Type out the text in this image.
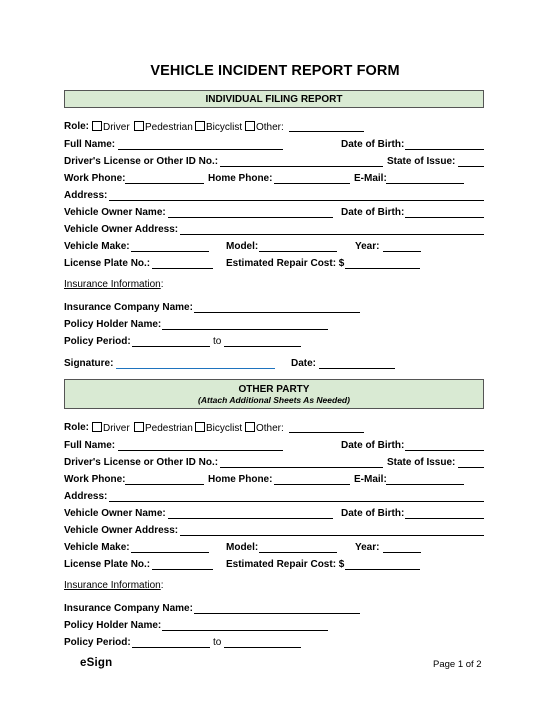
VEHICLE INCIDENT REPORT FORM
INDIVIDUAL FILING REPORT
Role:	Driver	Pedestrian	Bicyclist	Other:
Full Name:	Date of Birth:
Driver's License or Other ID No.:	State of Issue:
Work Phone:	Home Phone:	E-Mail:
Address:
Vehicle Owner Name:	Date of Birth:
Vehicle Owner Address:
Vehicle Make:	Model:	Year:
License Plate No.:	Estimated Repair Cost: $
Insurance Information:
Insurance Company Name:
Policy Holder Name:
Policy Period:	to
Signature:	Date:
OTHER PARTY
(Attach Additional Sheets As Needed)
Role:	Driver	Pedestrian	Bicyclist	Other:
Full Name:	Date of Birth:
Driver's License or Other ID No.:	State of Issue:
Work Phone:	Home Phone:	E-Mail:
Address:
Vehicle Owner Name:	Date of Birth:
Vehicle Owner Address:
Vehicle Make:	Model:	Year:
License Plate No.:	Estimated Repair Cost: $
Insurance Information:
Insurance Company Name:
Policy Holder Name:
Policy Period:	to
eSign	Page 1 of 2
